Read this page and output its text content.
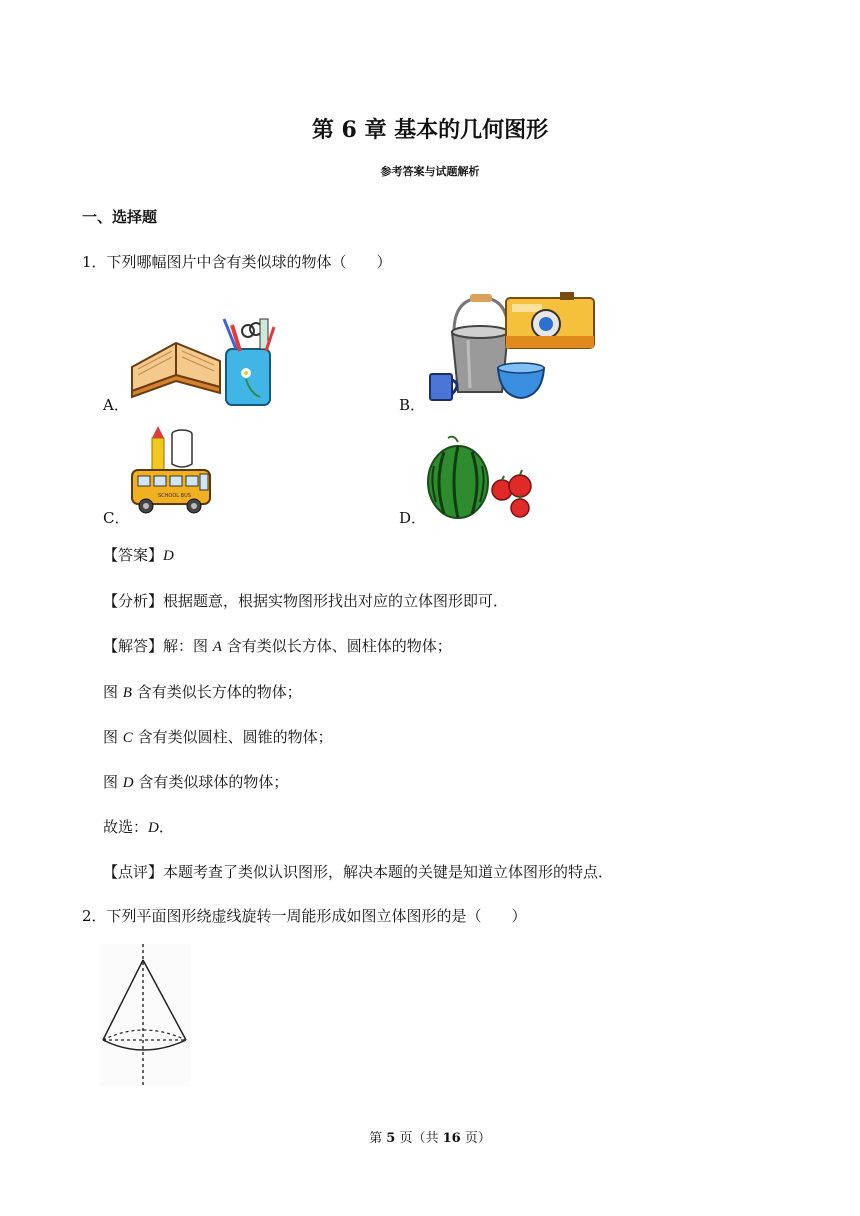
第 6 章 基本的几何图形
参考答案与试题解析
一、选择题
1．下列哪幅图片中含有类似球的物体（　　）
A．	B．
SCHOOL BUS
C．	D．
【答案】D
【分析】根据题意，根据实物图形找出对应的立体图形即可．
【解答】解：图 A 含有类似长方体、圆柱体的物体；
图 B 含有类似长方体的物体；
图 C 含有类似圆柱、圆锥的物体；
图 D 含有类似球体的物体；
故选：D．
【点评】本题考查了类似认识图形，解决本题的关键是知道立体图形的特点．
2．下列平面图形绕虚线旋转一周能形成如图立体图形的是（　　）
第 5 页（共 16 页）
